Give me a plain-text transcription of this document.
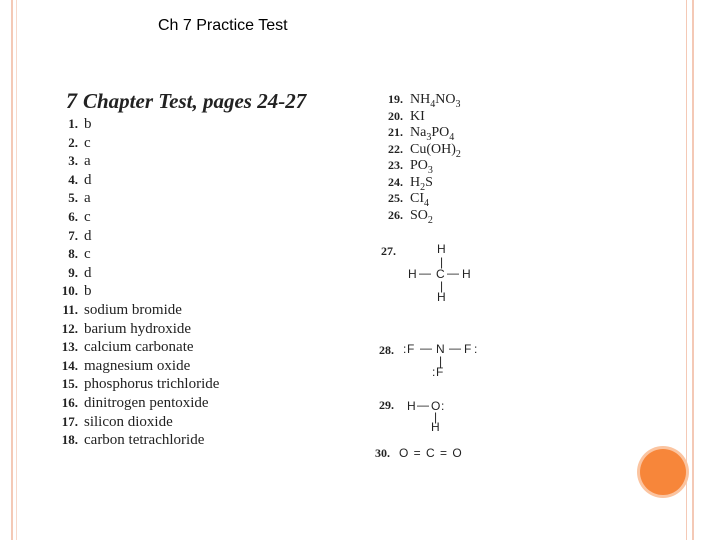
Ch 7 Practice Test
7 Chapter Test, pages 24-27
1. b
2. c
3. a
4. d
5. a
6. c
7. d
8. c
9. d
10. b
11. sodium bromide
12. barium hydroxide
13. calcium carbonate
14. magnesium oxide
15. phosphorus trichloride
16. dinitrogen pentoxide
17. silicon dioxide
18. carbon tetrachloride
19. $NH_4NO_3$
20. KI
21. $Na_3PO_4$
22. $Cu(OH)_2$
23. $PO_3$
24. $H_2S$
25. $CI_4$
26. $SO_2$
27.	H
|
H — C — H
|
H
28. : F — N — F :
|
: F
29. H — O :
|
H
30. O = C = O
